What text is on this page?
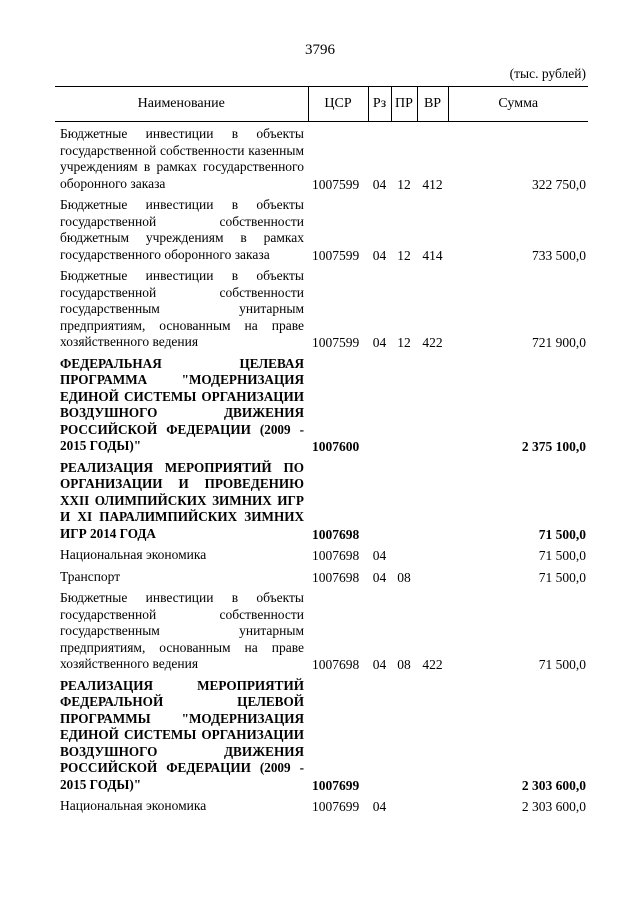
3796
(тыс. рублей)
Наименование	ЦСР	Рз	ПР	ВР	Сумма
Бюджетные инвестиции в объекты государственной собственности казенным учреждениям в рамках государственного оборонного заказа	1007599	04	12	412	322 750,0
Бюджетные инвестиции в объекты государственной собственности бюджетным учреждениям в рамках государственного оборонного заказа	1007599	04	12	414	733 500,0
Бюджетные инвестиции в объекты государственной собственности государственным унитарным предприятиям, основанным на праве хозяйственного ведения	1007599	04	12	422	721 900,0
ФЕДЕРАЛЬНАЯ ЦЕЛЕВАЯ ПРОГРАММА "МОДЕРНИЗАЦИЯ ЕДИНОЙ СИСТЕМЫ ОРГАНИЗАЦИИ ВОЗДУШНОГО ДВИЖЕНИЯ РОССИЙСКОЙ ФЕДЕРАЦИИ (2009 - 2015 ГОДЫ)"	1007600				2 375 100,0
РЕАЛИЗАЦИЯ МЕРОПРИЯТИЙ ПО ОРГАНИЗАЦИИ И ПРОВЕДЕНИЮ XXII ОЛИМПИЙСКИХ ЗИМНИХ ИГР И XI ПАРАЛИМПИЙСКИХ ЗИМНИХ ИГР 2014 ГОДА	1007698				71 500,0
Национальная экономика	1007698	04			71 500,0
Транспорт	1007698	04	08		71 500,0
Бюджетные инвестиции в объекты государственной собственности государственным унитарным предприятиям, основанным на праве хозяйственного ведения	1007698	04	08	422	71 500,0
РЕАЛИЗАЦИЯ МЕРОПРИЯТИЙ ФЕДЕРАЛЬНОЙ ЦЕЛЕВОЙ ПРОГРАММЫ "МОДЕРНИЗАЦИЯ ЕДИНОЙ СИСТЕМЫ ОРГАНИЗАЦИИ ВОЗДУШНОГО ДВИЖЕНИЯ РОССИЙСКОЙ ФЕДЕРАЦИИ (2009 - 2015 ГОДЫ)"	1007699				2 303 600,0
Национальная экономика	1007699	04			2 303 600,0
